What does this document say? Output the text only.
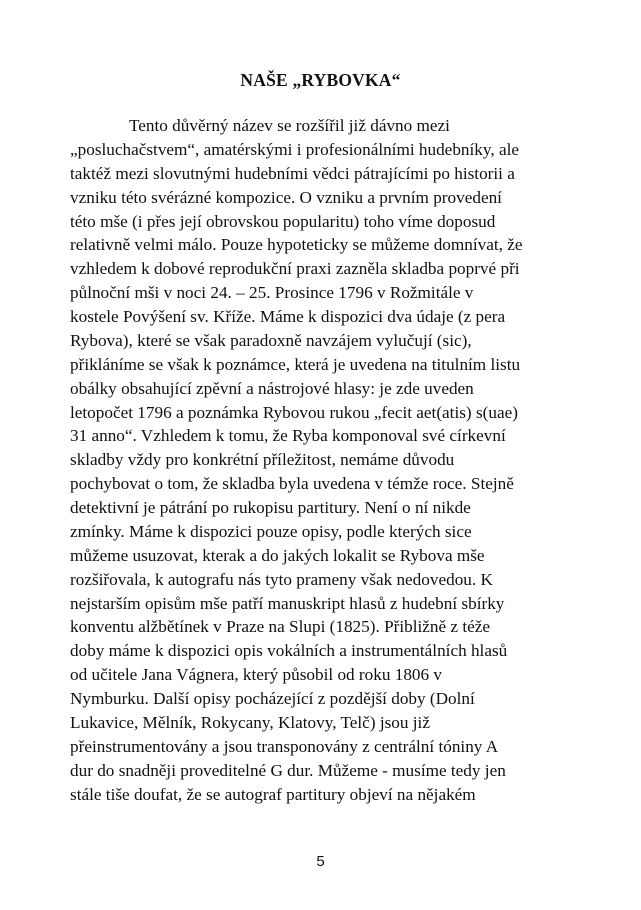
NAŠE „RYBOVKA“
Tento důvěrný název se rozšířil již dávno mezi
„posluchačstvem“, amatérskými i profesionálními hudebníky, ale
taktéž mezi slovutnými hudebními vědci pátrajícími po historii a
vzniku této svérázné kompozice. O vzniku a prvním provedení
této mše (i přes její obrovskou popularitu) toho víme doposud
relativně velmi málo. Pouze hypoteticky se můžeme domnívat, že
vzhledem k dobové reprodukční praxi zazněla skladba poprvé při
půlnoční mši v noci 24. – 25. Prosince 1796 v Rožmitále v
kostele Povýšení sv. Kříže. Máme k dispozici dva údaje (z pera
Rybova), které se však paradoxně navzájem vylučují (sic),
přikláníme se však k poznámce, která je uvedena na titulním listu
obálky obsahující zpěvní a nástrojové hlasy: je zde uveden
letopočet 1796 a poznámka Rybovou rukou „fecit aet(atis) s(uae)
31 anno“. Vzhledem k tomu, že Ryba komponoval své církevní
skladby vždy pro konkrétní příležitost, nemáme důvodu
pochybovat o tom, že skladba byla uvedena v témže roce. Stejně
detektivní je pátrání po rukopisu partitury. Není o ní nikde
zmínky. Máme k dispozici pouze opisy, podle kterých sice
můžeme usuzovat, kterak a do jakých lokalit se Rybova mše
rozšiřovala, k autografu nás tyto prameny však nedovedou. K
nejstarším opisům mše patří manuskript hlasů z hudební sbírky
konventu alžbětínek v Praze na Slupi (1825). Přibližně z téže
doby máme k dispozici opis vokálních a instrumentálních hlasů
od učitele Jana Vágnera, který působil od roku 1806 v
Nymburku. Další opisy pocházející z pozdější doby (Dolní
Lukavice, Mělník, Rokycany, Klatovy, Telč) jsou již
přeinstrumentovány a jsou transponovány z centrální tóniny A
dur do snadněji proveditelné G dur. Můžeme - musíme tedy jen
stále tiše doufat, že se autograf partitury objeví na nějakém

5
